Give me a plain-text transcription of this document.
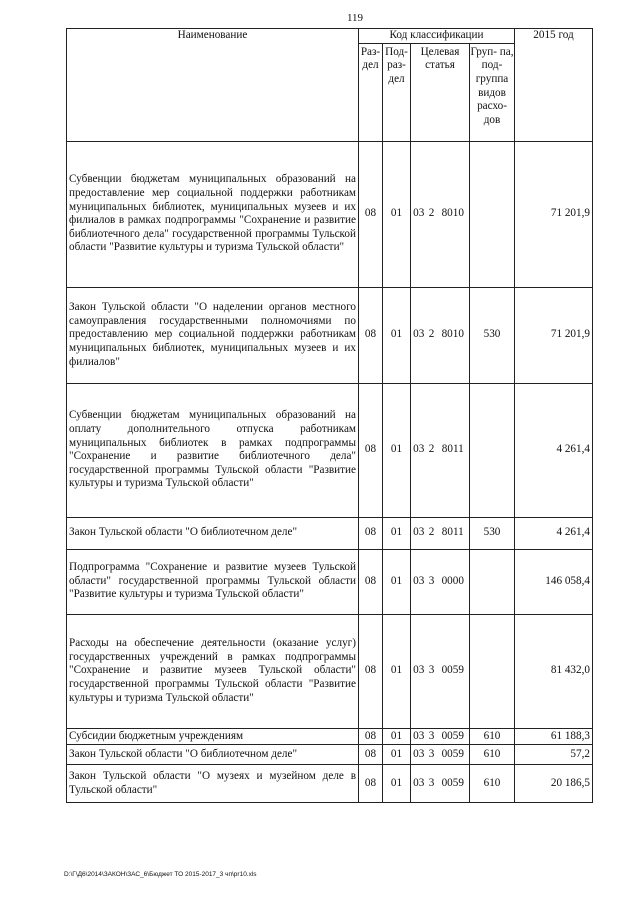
119
Наименование	Код классификации						2015 год
	Раз- дел	Под- раз- дел	Целевая статья			Груп- па, под- группа видов расхо- дов	
Субвенции бюджетам муниципальных образований на предоставление мер социальной поддержки работникам муниципальных библиотек, муниципальных музеев и их филиалов в рамках подпрограммы "Сохранение и развитие библиотечного дела" государственной программы Тульской области "Развитие культуры и туризма Тульской области"	08	01	03	2	8010		71 201,9
Закон Тульской области "О наделении органов местного самоуправления государственными полномочиями по предоставлению мер социальной поддержки работникам муниципальных библиотек, муниципальных музеев и их филиалов"	08	01	03	2	8010	530	71 201,9
Субвенции бюджетам муниципальных образований на оплату дополнительного отпуска работникам муниципальных библиотек в рамках подпрограммы "Сохранение и развитие библиотечного дела" государственной программы Тульской области "Развитие культуры и туризма Тульской области"	08	01	03	2	8011		4 261,4
Закон Тульской области "О библиотечном деле"	08	01	03	2	8011	530	4 261,4
Подпрограмма "Сохранение и развитие музеев Тульской области" государственной программы Тульской области "Развитие культуры и туризма Тульской области"	08	01	03	3	0000		146 058,4
Расходы на обеспечение деятельности (оказание услуг) государственных учреждений в рамках подпрограммы "Сохранение и развитие музеев Тульской области" государственной программы Тульской области "Развитие культуры и туризма Тульской области"	08	01	03	3	0059		81 432,0
Субсидии бюджетным учреждениям	08	01	03	3	0059	610	61 188,3
Закон Тульской области "О библиотечном деле"	08	01	03	3	0059	610	57,2
Закон Тульской области "О музеях и музейном деле в Тульской области"	08	01	03	3	0059	610	20 186,5
D:\Г\Д6\2014\ЗАКОН\ЗАС_6\Бюджет ТО 2015-2017_3 чп\pr10.xls
